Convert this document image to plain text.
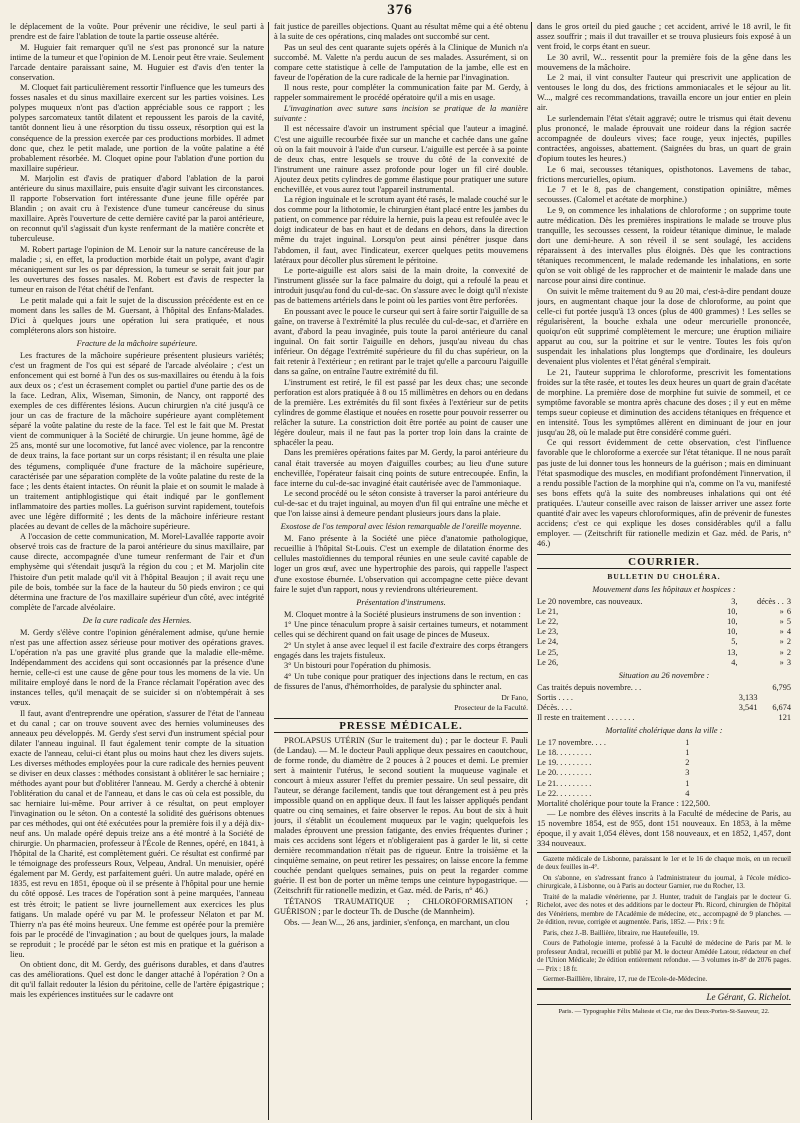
376

le déplacement de la voûte. Pour prévenir une récidive, le seul parti à prendre est de faire l'ablation de toute la partie osseuse altérée.

M. Huguier fait remarquer qu'il ne s'est pas prononcé sur la nature intime de la tumeur et que l'opinion de M. Lenoir peut être vraie. Seulement l'arcade dentaire paraissant saine, M. Huguier est d'avis d'en tenter la conservation.

M. Cloquet fait particulièrement ressortir l'influence que les tumeurs des fosses nasales et du sinus maxillaire exercent sur les parties voisines. Les polypes muqueux n'ont pas d'action appréciable sous ce rapport ; les polypes sarcomateux tantôt dilatent et repoussent les parois de la cavité, tantôt donnent lieu à une résorption du tissu osseux, résorption qui est la conséquence de la pression exercée par ces productions morbides. Il admet donc que, chez le petit malade, une portion de la voûte palatine a été probablement résorbée. M. Cloquet opine pour l'ablation d'une portion du maxillaire supérieur.

M. Marjolin est d'avis de pratiquer d'abord l'ablation de la paroi antérieure du sinus maxillaire, puis ensuite d'agir suivant les circonstances. Il rapporte l'observation fort intéressante d'une jeune fille opérée par Blandin ; on avait cru à l'existence d'une tumeur cancéreuse du sinus maxillaire. Après l'ouverture de cette dernière cavité par la paroi antérieure, on reconnut qu'il s'agissait d'un kyste renfermant de la matière concrète et tuberculeuse.

M. Robert partage l'opinion de M. Lenoir sur la nature cancéreuse de la maladie ; si, en effet, la production morbide était un polype, avant d'agir mécaniquement sur les os par dépression, la tumeur se serait fait jour par les ouvertures des fosses nasales. M. Robert est d'avis de respecter la tumeur en raison de l'état chétif de l'enfant.

Le petit malade qui a fait le sujet de la discussion précédente est en ce moment dans les salles de M. Guersant, à l'hôpital des Enfans-Malades. D'ici à quelques jours une opération lui sera pratiquée, et nous compléterons alors son histoire.

Fracture de la mâchoire supérieure.

Les fractures de la mâchoire supérieure présentent plusieurs variétés; c'est un fragment de l'os qui est séparé de l'arcade alvéolaire ; c'est un enfoncement qui est borné à l'un des os sus-maxillaires ou étendu à la fois aux deux os ; c'est un écrasement complet ou partiel d'une partie des os de la face. Ledran, Alix, Wiseman, Simonin, de Nancy, ont rapporté des exemples de ces différentes lésions. Aucun chirurgien n'a cité jusqu'à ce jour un cas de fracture de la mâchoire supérieure ayant complètement séparé la voûte palatine du reste de la face. Tel est le fait que M. Prestat vient de communiquer à la Société de chirurgie. Un jeune homme, âgé de 25 ans, monté sur une locomotive, fut lancé avec violence, par la rencontre de deux trains, la face portant sur un corps résistant; il en résulta une plaie des tégumens, compliquée d'une fracture de la mâchoire supérieure, caractérisée par une séparation complète de la voûte palatine du reste de la face ; les dents étaient intactes. On réunit la plaie et on soumit le malade à un traitement antiphlogistique qui était indiqué par le gonflement inflammatoire des parties molles. La guérison survint rapidement, toutefois avec une légère difformité ; les dents de la mâchoire inférieure restant placées au devant de celles de la mâchoire supérieure.

A l'occasion de cette communication, M. Morel-Lavallée rapporte avoir observé trois cas de fracture de la paroi antérieure du sinus maxillaire, par cause directe, accompagnée d'une tumeur renfermant de l'air et d'un emphysème qui s'étendait jusqu'à la région du cou ; et M. Marjolin cite l'histoire d'un petit malade qu'il vit à l'hôpital Beaujon ; il avait reçu une pile de bois, tombée sur la face de la hauteur du 50 pieds environ ; ce qui détermina une fracture de l'os maxillaire supérieur d'un côté, avec intégrité complète de l'arcade alvéolaire.

De la cure radicale des Hernies.

M. Gerdy s'élève contre l'opinion généralement admise, qu'une hernie n'est pas une affection assez sérieuse pour motiver des opérations graves. L'opération n'a pas une gravité plus grande que la maladie elle-même. Indépendamment des accidens qui sont occasionnés par la présence d'une hernie, celle-ci est une cause de gêne pour tous les momens de la vie. Un militaire employé dans le nord de la France réclamait l'opération avec des instances telles, qu'il menaçait de se suicider si on n'obtempérait à ses vœux.

Il faut, avant d'entreprendre une opération, s'assurer de l'état de l'anneau et du canal ; car on trouve souvent avec des hernies volumineuses des anneaux peu développés. M. Gerdy s'est servi d'un instrument spécial pour dilater l'anneau inguinal. Il faut également tenir compte de la situation exacte de l'anneau, celui-ci étant plus ou moins haut chez les divers sujets. Les diverses méthodes employées pour la cure radicale des hernies peuvent se diviser en deux classes : méthodes consistant à oblitérer le sac herniaire ; méthodes ayant pour but d'oblitérer l'anneau. M. Gerdy a cherché à obtenir l'oblitération du canal et de l'anneau, et dans le cas où cela est possible, du sac herniaire lui-même. Pour arriver à ce résultat, on peut employer l'invagination ou le séton. On a contesté la solidité des guérisons obtenues par ces méthodes, qui ont été exécutées pour la première fois il y a déjà dix-neuf ans. Un malade opéré depuis treize ans a été montré à la Société de chirurgie. Un pharmacien, professeur à l'École de Rennes, opéré, en 1841, à l'hôpital de la Charité, est complètement guéri. Ce résultat est confirmé par le témoignage des professeurs Roux, Velpeau, Andral. Un menuisier, opéré également par M. Gerdy, est parfaitement guéri. Un autre malade, opéré en 1835, est revu en 1851, époque où il se présente à l'hôpital pour une hernie du côté opposé. Les traces de l'opération sont à peine marquées, l'anneau est très étroit; le patient se livre journellement aux exercices les plus fatigans. Un malade opéré vu par M. le professeur Nélaton et par M. Thierry n'a pas été moins heureux. Une femme est opérée pour la première fois par le procédé de l'invagination ; au bout de quelques jours, la malade se reproduit ; le procédé par le séton est mis en pratique et la guérison a lieu.

On obtient donc, dit M. Gerdy, des guérisons durables, et dans d'autres cas des améliorations. Quel est donc le danger attaché à l'opération ? On a dit qu'il fallait redouter la lésion du péritoine, celle de l'artère épigastrique ; mais les expériences instituées sur le cadavre ont

fait justice de pareilles objections. Quant au résultat même qui a été obtenu à la suite de ces opérations, cinq malades ont succombé sur cent.

Pas un seul des cent quarante sujets opérés à la Clinique de Munich n'a succombé. M. Valette n'a perdu aucun de ses malades. Assurément, si on compare cette statistique à celle de l'amputation de la jambe, elle est en faveur de l'opération de la cure radicale de la hernie par l'invagination.

Il nous reste, pour compléter la communication faite par M. Gerdy, à rappeler sommairement le procédé opératoire qu'il a mis en usage.

L'invagination avec suture sans incision se pratique de la manière suivante :

Il est nécessaire d'avoir un instrument spécial que l'auteur a imaginé. C'est une aiguille recourbée fixée sur un manche et cachée dans une gaîne où on la fait mouvoir à l'aide d'un curseur. L'aiguille est percée à sa pointe de deux chas, entre lesquels se trouve du côté de la convexité de l'instrument une rainure assez profonde pour loger un fil ciré double. Ajoutez deux petits cylindres de gomme élastique pour pratiquer une suture enchevillée, et vous aurez tout l'appareil instrumental.

La région inguinale et le scrotum ayant été rasés, le malade couché sur le dos comme pour la lithotomie, le chirurgien étant placé entre les jambes du patient, on commence par réduire la hernie, puis la peau est refoulée avec le doigt indicateur de bas en haut et de dedans en dehors, dans la direction même du trajet inguinal. Lorsqu'on peut ainsi pénétrer jusque dans l'abdomen, il faut, avec l'indicateur, exercer quelques petits mouvemens latéraux pour décoller plus sûrement le péritoine.

Le porte-aiguille est alors saisi de la main droite, la convexité de l'instrument glissée sur la face palmaire du doigt, qui a refoulé la peau et introduit jusqu'au fond du cul-de-sac. On s'assure avec le doigt qu'il n'existe pas de battemens artériels dans le point où les parties vont être perforées.

En poussant avec le pouce le curseur qui sert à faire sortir l'aiguille de sa gaîne, on traverse à l'extrémité la plus reculée du cul-de-sac, et d'arrière en avant, d'abord la peau invaginée, puis toute la paroi antérieure du canal inguinal. On fait sortir l'aiguille en dehors, jusqu'au niveau du chas inférieur. On dégage l'extrémité supérieure du fil du chas supérieur, on la fait retenir à l'extérieur ; en retirant par le trajet qu'elle a parcouru l'aiguille dans sa gaîne, on entraîne l'autre extrémité du fil.

L'instrument est retiré, le fil est passé par les deux chas; une seconde perforation est alors pratiquée à 8 ou 15 millimètres en dehors ou en dedans de la première. Les extrémités du fil sont fixées à l'extérieur sur de petits cylindres de gomme élastique et nouées en rosette pour pouvoir resserrer ou relâcher la suture. La constriction doit être portée au point de causer une légère douleur, mais il ne faut pas la porter trop loin dans la crainte de sphacéler la peau.

Dans les premières opérations faites par M. Gerdy, la paroi antérieure du canal était traversée au moyen d'aiguilles courbes; au lieu d'une suture enchevillée, l'opérateur faisait cinq points de suture entrecoupée. Enfin, la face interne du cul-de-sac invaginé était cautérisée avec de l'ammoniaque.

Le second procédé ou le séton consiste à traverser la paroi antérieure du cul-de-sac et du trajet inguinal, au moyen d'un fil qui entraîne une mèche et que l'on laisse ainsi à demeure pendant plusieurs jours dans la plaie.

Exostose de l'os temporal avec lésion remarquable de l'oreille moyenne.

M. Fano présente à la Société une pièce d'anatomie pathologique, recueillie à l'hôpital St-Louis. C'est un exemple de dilatation énorme des cellules mastoïdiennes du temporal réunies en une seule cavité capable de loger un gros œuf, avec une hypertrophie des parois, qui rappelle l'aspect d'une exostose éburnée. L'observation qui accompagne cette pièce devant faire le sujet d'un rapport, nous y reviendrons ultérieurement.

Présentation d'instrumens.

M. Cloquet montre à la Société plusieurs instrumens de son invention :

1° Une pince ténaculum propre à saisir certaines tumeurs, et notamment celles qui se déchirent quand on fait usage de pinces de Museux.

2° Un stylet à anse avec lequel il est facile d'extraire des corps étrangers engagés dans les trajets fistuleux.

3° Un bistouri pour l'opération du phimosis.

4° Un tube conique pour pratiquer des injections dans le rectum, en cas de fissures de l'anus, d'hémorrhoïdes, de paralysie du sphincter anal.

Dr Fano,
Prosecteur de la Faculté.
PRESSE MÉDICALE.

PROLAPSUS UTÉRIN (Sur le traitement du) ; par le docteur F. Pauli (de Landau). — M. le docteur Pauli applique deux pessaires en caoutchouc, de forme ronde, du diamètre de 2 pouces à 2 pouces et demi. Le premier sert à maintenir l'utérus, le second soutient la muqueuse vaginale et concourt à mieux assurer l'effet du premier pessaire. Un seul pessaire, dit l'auteur, se dérange facilement, tandis que tout dérangement est à peu près impossible quand on en applique deux. Il faut les laisser appliqués pendant quatre ou cinq semaines, et faire observer le repos. Au bout de six à huit jours, il s'établit un écoulement muqueux par le vagin; quelquefois les malades éprouvent une pression fatigante, des envies fréquentes d'uriner ; mais ces accidens sont légers et n'obligeraient pas à garder le lit, si cette dernière recommandation n'était pas de rigueur. Entre la troisième et la cinquième semaine, on peut retirer les pessaires; on laisse encore la femme couchée pendant quelques semaines, puis on peut la regarder comme guérie. Il est bon de porter un même temps une ceinture hypogastrique. — (Zeitschrift für rationelle medizin, et Gaz. méd. de Paris, n° 46.)

TÉTANOS TRAUMATIQUE ; CHLOROFORMISATION ; GUÉRISON ; par le docteur Th. de Dusche (de Mannheim).

Obs. — Jean W..., 26 ans, jardinier, s'enfonça, en marchant, un clou

dans le gros orteil du pied gauche ; cet accident, arrivé le 18 avril, le fit assez souffrir ; mais il dut travailler et se trouva plusieurs fois exposé à un vent froid, le corps étant en sueur.

Le 30 avril, W... ressentit pour la première fois de la gêne dans les mouvemens de la mâchoire.

Le 2 mai, il vint consulter l'auteur qui prescrivit une application de ventouses le long du dos, des frictions ammoniacales et le séjour au lit. W..., malgré ces recommandations, travailla encore un jour entier en plein air.

Le surlendemain l'état s'était aggravé; outre le trismus qui était devenu plus prononcé, le malade éprouvait une roideur dans la région sacrée accompagnée de douleurs vives; face rouge, yeux injectés, pupilles contractées, angoisses, abattement. (Saignées du bras, un quart de grain d'opium toutes les heures.)

Le 6 mai, secousses tétaniques, opisthotonos. Lavemens de tabac, frictions mercurielles, opium.

Le 7 et le 8, pas de changement, constipation opiniâtre, mêmes secousses. (Calomel et acétate de morphine.)

Le 9, on commence les inhalations de chloroforme ; on supprime toute autre médication. Dès les premières inspirations le malade se trouve plus tranquille, les secousses cessent, la roideur tétanique diminue, le malade dort une demi-heure. A son réveil il se sent soulagé, les accidens réparaissent à des intervalles plus éloignés. Dès que les contractions tétaniques recommencent, le malade redemande les inhalations, en sorte qu'on se voit obligé de les rapprocher et de maintenir le malade dans une narcose pour ainsi dire continue.

On suivit le même traitement du 9 au 20 mai, c'est-à-dire pendant douze jours, en augmentant chaque jour la dose de chloroforme, au point que celle-ci fut portée jusqu'à 13 onces (plus de 400 grammes) ! Les selles se régularisèrent, la bouche exhala une odeur mercurielle prononcée, quoiqu'on eût supprimé complètement le mercure; une éruption miliaire apparut au cou, sur la poitrine et sur le ventre. Toutes les fois qu'on suspendait les inhalations plus longtemps que d'ordinaire, les douleurs devenaient plus violentes et l'état général s'empirait.

Le 21, l'auteur supprima le chloroforme, prescrivit les fomentations froides sur la tête rasée, et toutes les deux heures un quart de grain d'acétate de morphine. La première dose de morphine fut suivie de sommeil, et ce symptôme favorable se montra après chacune des doses ; il y eut en même temps sueur copieuse et diminution des accidens tétaniques en fréquence et en intensité. Tous les symptômes allèrent en diminuant de jour en jour jusqu'au 28, où le malade put être considéré comme guéri.

Ce qui ressort évidemment de cette observation, c'est l'influence favorable que le chloroforme a exercée sur l'état tétanique. Il ne nous paraît pas juste de lui donner tous les honneurs de la guérison ; mais en diminuant l'état spasmodique des muscles, en modifiant profondément l'innervation, il a rendu possible l'action de la morphine qui n'a, comme on l'a vu, manifesté ses bons effets qu'à la suite des nombreuses inhalations qui ont été pratiquées. L'auteur conseille avec raison de laisser arriver une assez forte quantité d'air avec les vapeurs chloroformiques, afin de prévenir de funestes accidens; c'est ce qui explique les doses considérables qu'il a fallu employer. — (Zeitschrift für rationelle medizin et Gaz. méd. de Paris, n° 46.)

COURRIER.
BULLETIN DU CHOLÉRA.

Mouvement dans les hôpitaux et hospices :

Le 20 novembre, cas nouveaux.	3,	décès . .	3
Le 21,	10,	»	6
Le 22,	10,	»	5
Le 23,	10,	»	4
Le 24,	5,	»	2
Le 25,	13,	»	2
Le 26,	4,	»	3

Situation au 26 novembre :

Cas traités depuis novembre. . .		6,795
Sortis . . . .	3,133	
Décès. . . .	3,541	6,674
Il reste en traitement . . . . . . .		121

Mortalité cholérique dans la ville :

Le 17 novembre. . . .	1
Le 18. . . . . . . . .	1
Le 19. . . . . . . . .	2
Le 20. . . . . . . . .	3
Le 21. . . . . . . . .	1
Le 22. . . . . . . . .	4

Mortalité cholérique pour toute la France : 122,500.

— Le nombre des élèves inscrits à la Faculté de médecine de Paris, au 15 novembre 1854, est de 955, dont 151 nouveaux. En 1853, à la même époque, il y avait 1,054 élèves, dont 158 nouveaux, et en 1852, 1,457, dont 334 nouveaux.

Gazette médicale de Lisbonne, paraissant le 1er et le 16 de chaque mois, en un recueil de deux feuilles in-4°.

On s'abonne, en s'adressant franco à l'administrateur du journal, à l'école médico-chirurgicale, à Lisbonne, ou à Paris au docteur Garnier, rue du Rocher, 13.

Traité de la maladie vénérienne, par J. Hunter, traduit de l'anglais par le docteur G. Richelot, avec des notes et des additions par le docteur Ph. Ricord, chirurgien de l'hôpital des Vénériens, membre de l'Académie de médecine, etc., accompagné de 9 planches. — 2e édition, revue, corrigée et augmentée. Paris, 1852. — Prix : 9 fr.

Paris, chez J.-B. Baillière, libraire, rue Hautefeuille, 19.

Cours de Pathologie interne, professé à la Faculté de médecine de Paris par M. le professeur Andral, recueilli et publié par M. le docteur Amédée Latour, rédacteur en chef de l'Union Médicale; 2e édition entièrement refondue. — 3 volumes in-8° de 2076 pages. — Prix : 18 fr.

Germer-Baillière, libraire, 17, rue de l'Ecole-de-Médecine.

Le Gérant, G. Richelot.
Paris. — Typographie Félix Malteste et Cie, rue des Deux-Portes-St-Sauveur, 22.
